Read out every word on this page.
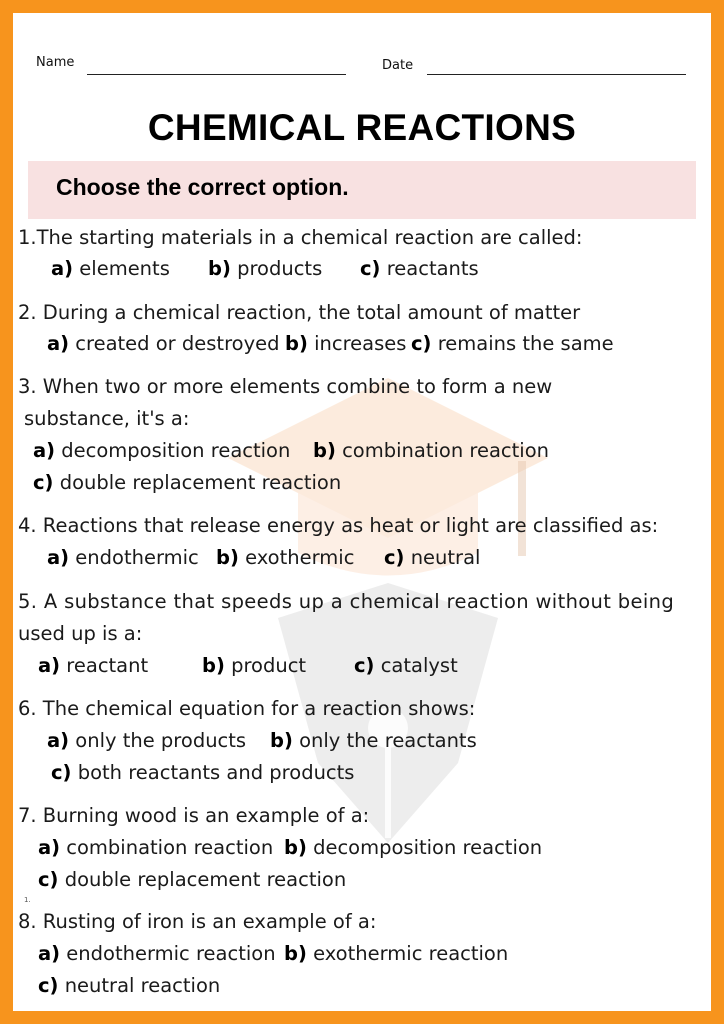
Name	Date
CHEMICAL REACTIONS
Choose the correct option.
1.The starting materials in a chemical reaction are called:
a) elements b) products c) reactants
2. During a chemical reaction, the total amount of matter
a) created or destroyed b) increases c) remains the same
3. When two or more elements combine to form a new
substance, it's a:
a) decomposition reaction b) combination reaction
c) double replacement reaction
4. Reactions that release energy as heat or light are classified as:
a) endothermic b) exothermic c) neutral
5. A substance that speeds up a chemical reaction without being
used up is a:
a) reactant	b) product c) catalyst
6. The chemical equation for a reaction shows:
a) only the products b) only the reactants
c) both reactants and products
7. Burning wood is an example of a:
a) combination reaction b) decomposition reaction
c) double replacement reaction
1.
8. Rusting of iron is an example of a:
a) endothermic reaction b) exothermic reaction
c) neutral reaction
